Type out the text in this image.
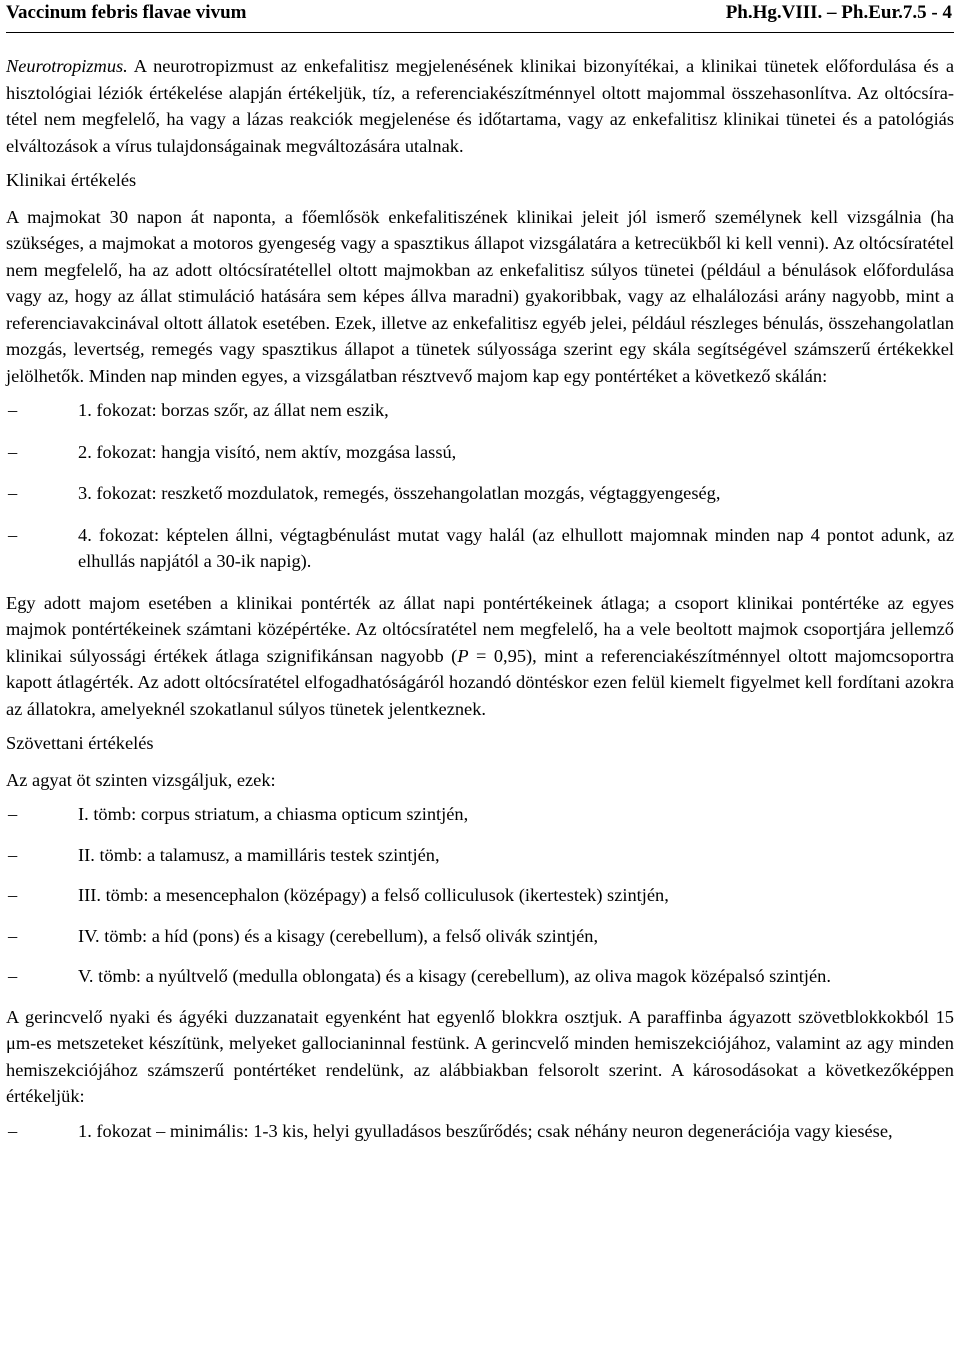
Vaccinum febris flavae vivum	Ph.Hg.VIII. – Ph.Eur.7.5 - 4

Neurotropizmus. A neurotropizmust az enkefalitisz megjelenésének klinikai bizonyítékai, a klinikai tünetek előfordulása és a hisztológiai léziók értékelése alapján értékeljük, tíz, a referenciakészítménnyel oltott majommal összehasonlítva. Az oltócsíra-tétel nem megfelelő, ha vagy a lázas reakciók megjelenése és időtartama, vagy az enkefalitisz klinikai tünetei és a patológiás elváltozások a vírus tulajdonságainak megváltozására utalnak.

Klinikai értékelés

A majmokat 30 napon át naponta, a főemlősök enkefalitiszének klinikai jeleit jól ismerő személynek kell vizsgálnia (ha szükséges, a majmokat a motoros gyengeség vagy a spasztikus állapot vizsgálatára a ketrecükből ki kell venni). Az oltócsíratétel nem megfelelő, ha az adott oltócsíratétellel oltott majmokban az enkefalitisz súlyos tünetei (például a bénulások előfordulása vagy az, hogy az állat stimuláció hatására sem képes állva maradni) gyakoribbak, vagy az elhalálozási arány nagyobb, mint a referenciavakcinával oltott állatok esetében. Ezek, illetve az enkefalitisz egyéb jelei, például részleges bénulás, összehangolatlan mozgás, levertség, remegés vagy spasztikus állapot a tünetek súlyossága szerint egy skála segítségével számszerű értékekkel jelölhetők. Minden nap minden egyes, a vizsgálatban résztvevő majom kap egy pontértéket a következő skálán:

–	1. fokozat: borzas szőr, az állat nem eszik,
–	2. fokozat: hangja visító, nem aktív, mozgása lassú,
–	3. fokozat: reszkető mozdulatok, remegés, összehangolatlan mozgás, végtaggyengeség,
–	4. fokozat: képtelen állni, végtagbénulást mutat vagy halál (az elhullott majomnak minden nap 4 pontot adunk, az elhullás napjától a 30-ik napig).

Egy adott majom esetében a klinikai pontérték az állat napi pontértékeinek átlaga; a csoport klinikai pontértéke az egyes majmok pontértékeinek számtani középértéke. Az oltócsíratétel nem megfelelő, ha a vele beoltott majmok csoportjára jellemző klinikai súlyossági értékek átlaga szignifikánsan nagyobb (P = 0,95), mint a referenciakészítménnyel oltott majomcsoportra kapott átlagérték. Az adott oltócsíratétel elfogadhatóságáról hozandó döntéskor ezen felül kiemelt figyelmet kell fordítani azokra az állatokra, amelyeknél szokatlanul súlyos tünetek jelentkeznek.

Szövettani értékelés

Az agyat öt szinten vizsgáljuk, ezek:

–	I. tömb: corpus striatum, a chiasma opticum szintjén,
–	II. tömb: a talamusz, a mamilláris testek szintjén,
–	III. tömb: a mesencephalon (középagy) a felső colliculusok (ikertestek) szintjén,
–	IV. tömb: a híd (pons) és a kisagy (cerebellum), a felső olivák szintjén,
–	V. tömb: a nyúltvelő (medulla oblongata) és a kisagy (cerebellum), az oliva magok középalsó szintjén.

A gerincvelő nyaki és ágyéki duzzanatait egyenként hat egyenlő blokkra osztjuk. A paraffinba ágyazott szövetblokkokból 15 μm-es metszeteket készítünk, melyeket gallocianinnal festünk. A gerincvelő minden hemiszekciójához, valamint az agy minden hemiszekciójához számszerű pontértéket rendelünk, az alábbiakban felsorolt szerint. A károsodásokat a következőképpen értékeljük:

–	1. fokozat – minimális: 1-3 kis, helyi gyulladásos beszűrődés; csak néhány neuron degenerációja vagy kiesése,
